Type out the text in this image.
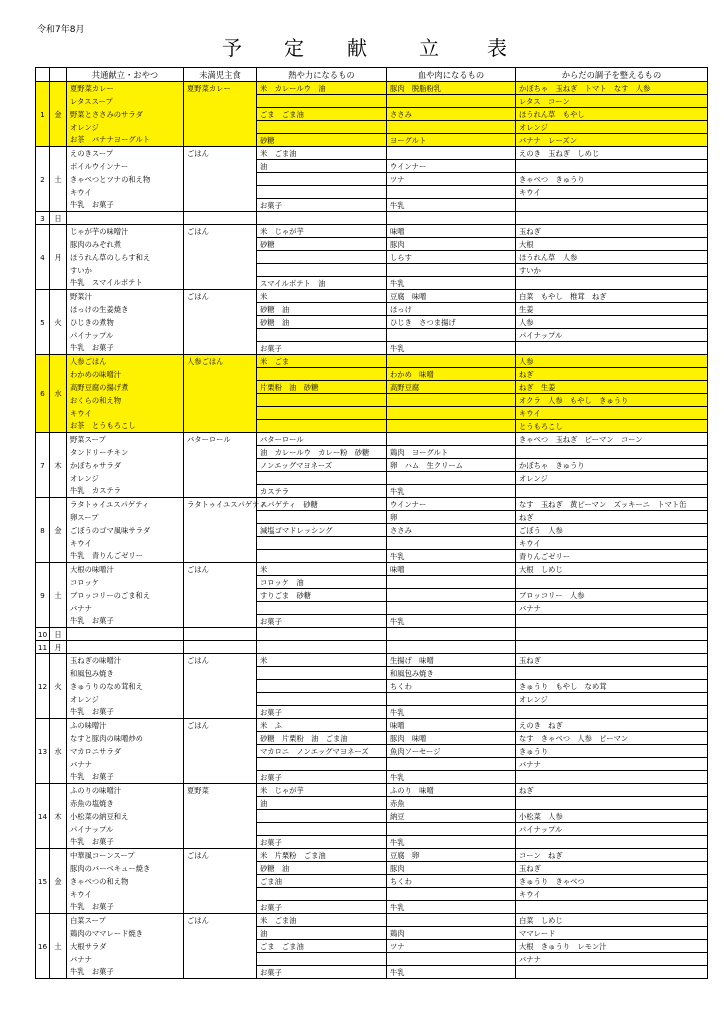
令和7年8月
予 定 献	立 表
		共通献立・おやつ	未満児主食	熱や力になるもの	血や肉になるもの	からだの調子を整えるもの
1	金	夏野菜カレー	夏野菜カレー	米　カレールウ　油	豚肉　脱脂粉乳	かぼちゃ　玉ねぎ　トマト　なす　人参
		レタススープ				レタス　コーン
		野菜とささみのサラダ		ごま　ごま油	ささみ	ほうれん草　もやし
		オレンジ				オレンジ
		お茶　バナナヨーグルト		砂糖	ヨーグルト	バナナ　レーズン
2	土	えのきスープ	ごはん	米　ごま油		えのき　玉ねぎ　しめじ
		ボイルウインナー		油	ウインナー	
		きゃべつとツナの和え物			ツナ	きゃべつ　きゅうり
		キウイ				キウイ
		牛乳　お菓子		お菓子	牛乳	
3	日					
4	月	じゃが芋の味噌汁	ごはん	米　じゃが芋	味噌	玉ねぎ
		豚肉のみぞれ煮		砂糖	豚肉	大根
		ほうれん草のしらす和え			しらす	ほうれん草　人参
		すいか				すいか
		牛乳　スマイルポテト		スマイルポテト　油	牛乳	
5	火	野菜汁	ごはん	米	豆腐　味噌	白菜　もやし　椎茸　ねぎ
		ほっけの生姜焼き		砂糖　油	ほっけ	生姜
		ひじきの煮物		砂糖　油	ひじき　さつま揚げ	人参
		パイナップル				パイナップル
		牛乳　お菓子		お菓子	牛乳	
6	水	人参ごはん	人参ごはん	米　ごま		人参
		わかめの味噌汁			わかめ　味噌	ねぎ
		高野豆腐の揚げ煮		片栗粉　油　砂糖	高野豆腐	ねぎ　生姜
		おくらの和え物				オクラ　人参　もやし　きゅうり
		キウイ				キウイ
		お茶　とうもろこし				とうもろこし
7	木	野菜スープ	バターロール	バターロール		きゃべつ　玉ねぎ　ピーマン　コーン
		タンドリーチキン		油　カレールウ　カレー粉　砂糖	鶏肉　ヨーグルト	
		かぼちゃサラダ		ノンエッグマヨネーズ	卵　ハム　生クリーム	かぼちゃ　きゅうり
		オレンジ				オレンジ
		牛乳　カステラ		カステラ	牛乳	
8	金	ラタトゥイユスパゲティ	ラタトゥイユスパゲティ	スパゲティ　砂糖	ウインナー	なす　玉ねぎ　黄ピーマン　ズッキーニ　トマト缶
		卵スープ			卵	ねぎ
		ごぼうのゴマ風味サラダ		減塩ゴマドレッシング	ささみ	ごぼう　人参
		キウイ				キウイ
		牛乳　青りんごゼリー			牛乳	青りんごゼリー
9	土	大根の味噌汁	ごはん	米	味噌	大根　しめじ
		コロッケ		コロッケ　油		
		ブロッコリーのごま和え		すりごま　砂糖		ブロッコリー　人参
		バナナ				バナナ
		牛乳　お菓子		お菓子	牛乳	
10	日					
11	月					
12	火	玉ねぎの味噌汁	ごはん	米	生揚げ　味噌	玉ねぎ
		和風包み焼き			和風包み焼き	
		きゅうりのなめ茸和え			ちくわ	きゅうり　もやし　なめ茸
		オレンジ				オレンジ
		牛乳　お菓子		お菓子	牛乳	
13	水	ふの味噌汁	ごはん	米　ふ	味噌	えのき　ねぎ
		なすと豚肉の味噌炒め		砂糖　片栗粉　油　ごま油	豚肉　味噌	なす　きゃべつ　人参　ピーマン
		マカロニサラダ		マカロニ　ノンエッグマヨネーズ	魚肉ソーセージ	きゅうり
		バナナ				バナナ
		牛乳　お菓子		お菓子	牛乳	
14	木	ふのりの味噌汁	夏野菜	米　じゃが芋	ふのり　味噌	ねぎ
		赤魚の塩焼き		油	赤魚	
		小松菜の納豆和え			納豆	小松菜　人参
		パイナップル				パイナップル
		牛乳　お菓子		お菓子	牛乳	
15	金	中華風コーンスープ	ごはん	米　片栗粉　ごま油	豆腐　卵	コーン　ねぎ
		豚肉のバーベキュー焼き		砂糖　油	豚肉	玉ねぎ
		きゃべつの和え物		ごま油	ちくわ	きゅうり　きゃべつ
		キウイ				キウイ
		牛乳　お菓子		お菓子	牛乳	
16	土	白菜スープ	ごはん	米　ごま油		白菜　しめじ
		鶏肉のママレード焼き		油	鶏肉	ママレード
		大根サラダ		ごま　ごま油	ツナ	大根　きゅうり　レモン汁
		バナナ				バナナ
		牛乳　お菓子		お菓子	牛乳	
